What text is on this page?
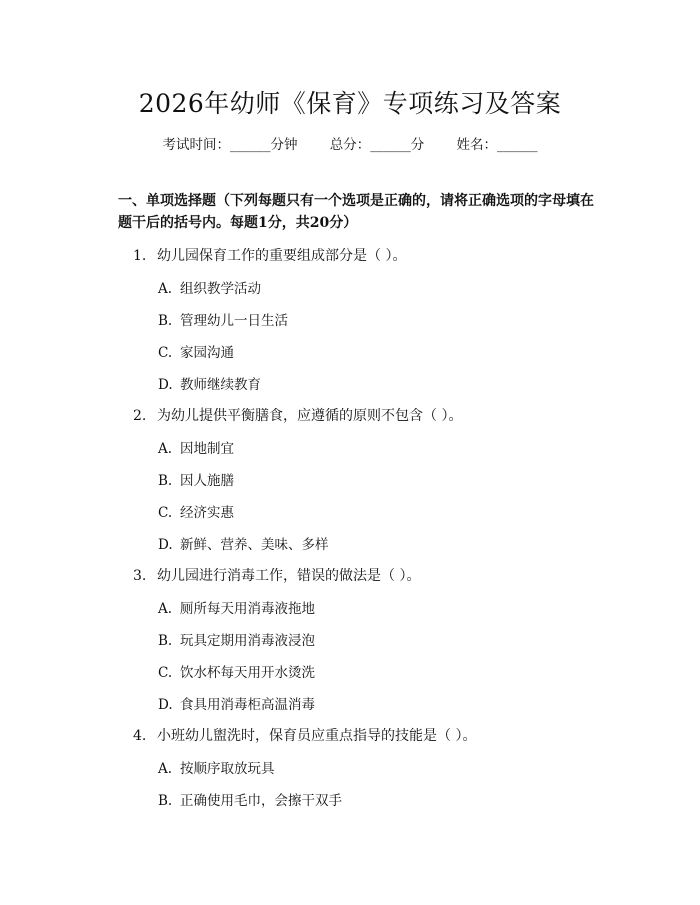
2026年幼师《保育》专项练习及答案
考试时间：______分钟 总分：______分 姓名：______
一、单项选择题（下列每题只有一个选项是正确的，请将正确选项的字母填在题干后的括号内。每题1分，共20分）
1. 幼儿园保育工作的重要组成部分是（ ）。
A. 组织教学活动
B. 管理幼儿一日生活
C. 家园沟通
D. 教师继续教育
2. 为幼儿提供平衡膳食，应遵循的原则不包含（ ）。
A. 因地制宜
B. 因人施膳
C. 经济实惠
D. 新鲜、营养、美味、多样
3. 幼儿园进行消毒工作，错误的做法是（ ）。
A. 厕所每天用消毒液拖地
B. 玩具定期用消毒液浸泡
C. 饮水杯每天用开水烫洗
D. 食具用消毒柜高温消毒
4. 小班幼儿盥洗时，保育员应重点指导的技能是（ ）。
A. 按顺序取放玩具
B. 正确使用毛巾，会擦干双手
